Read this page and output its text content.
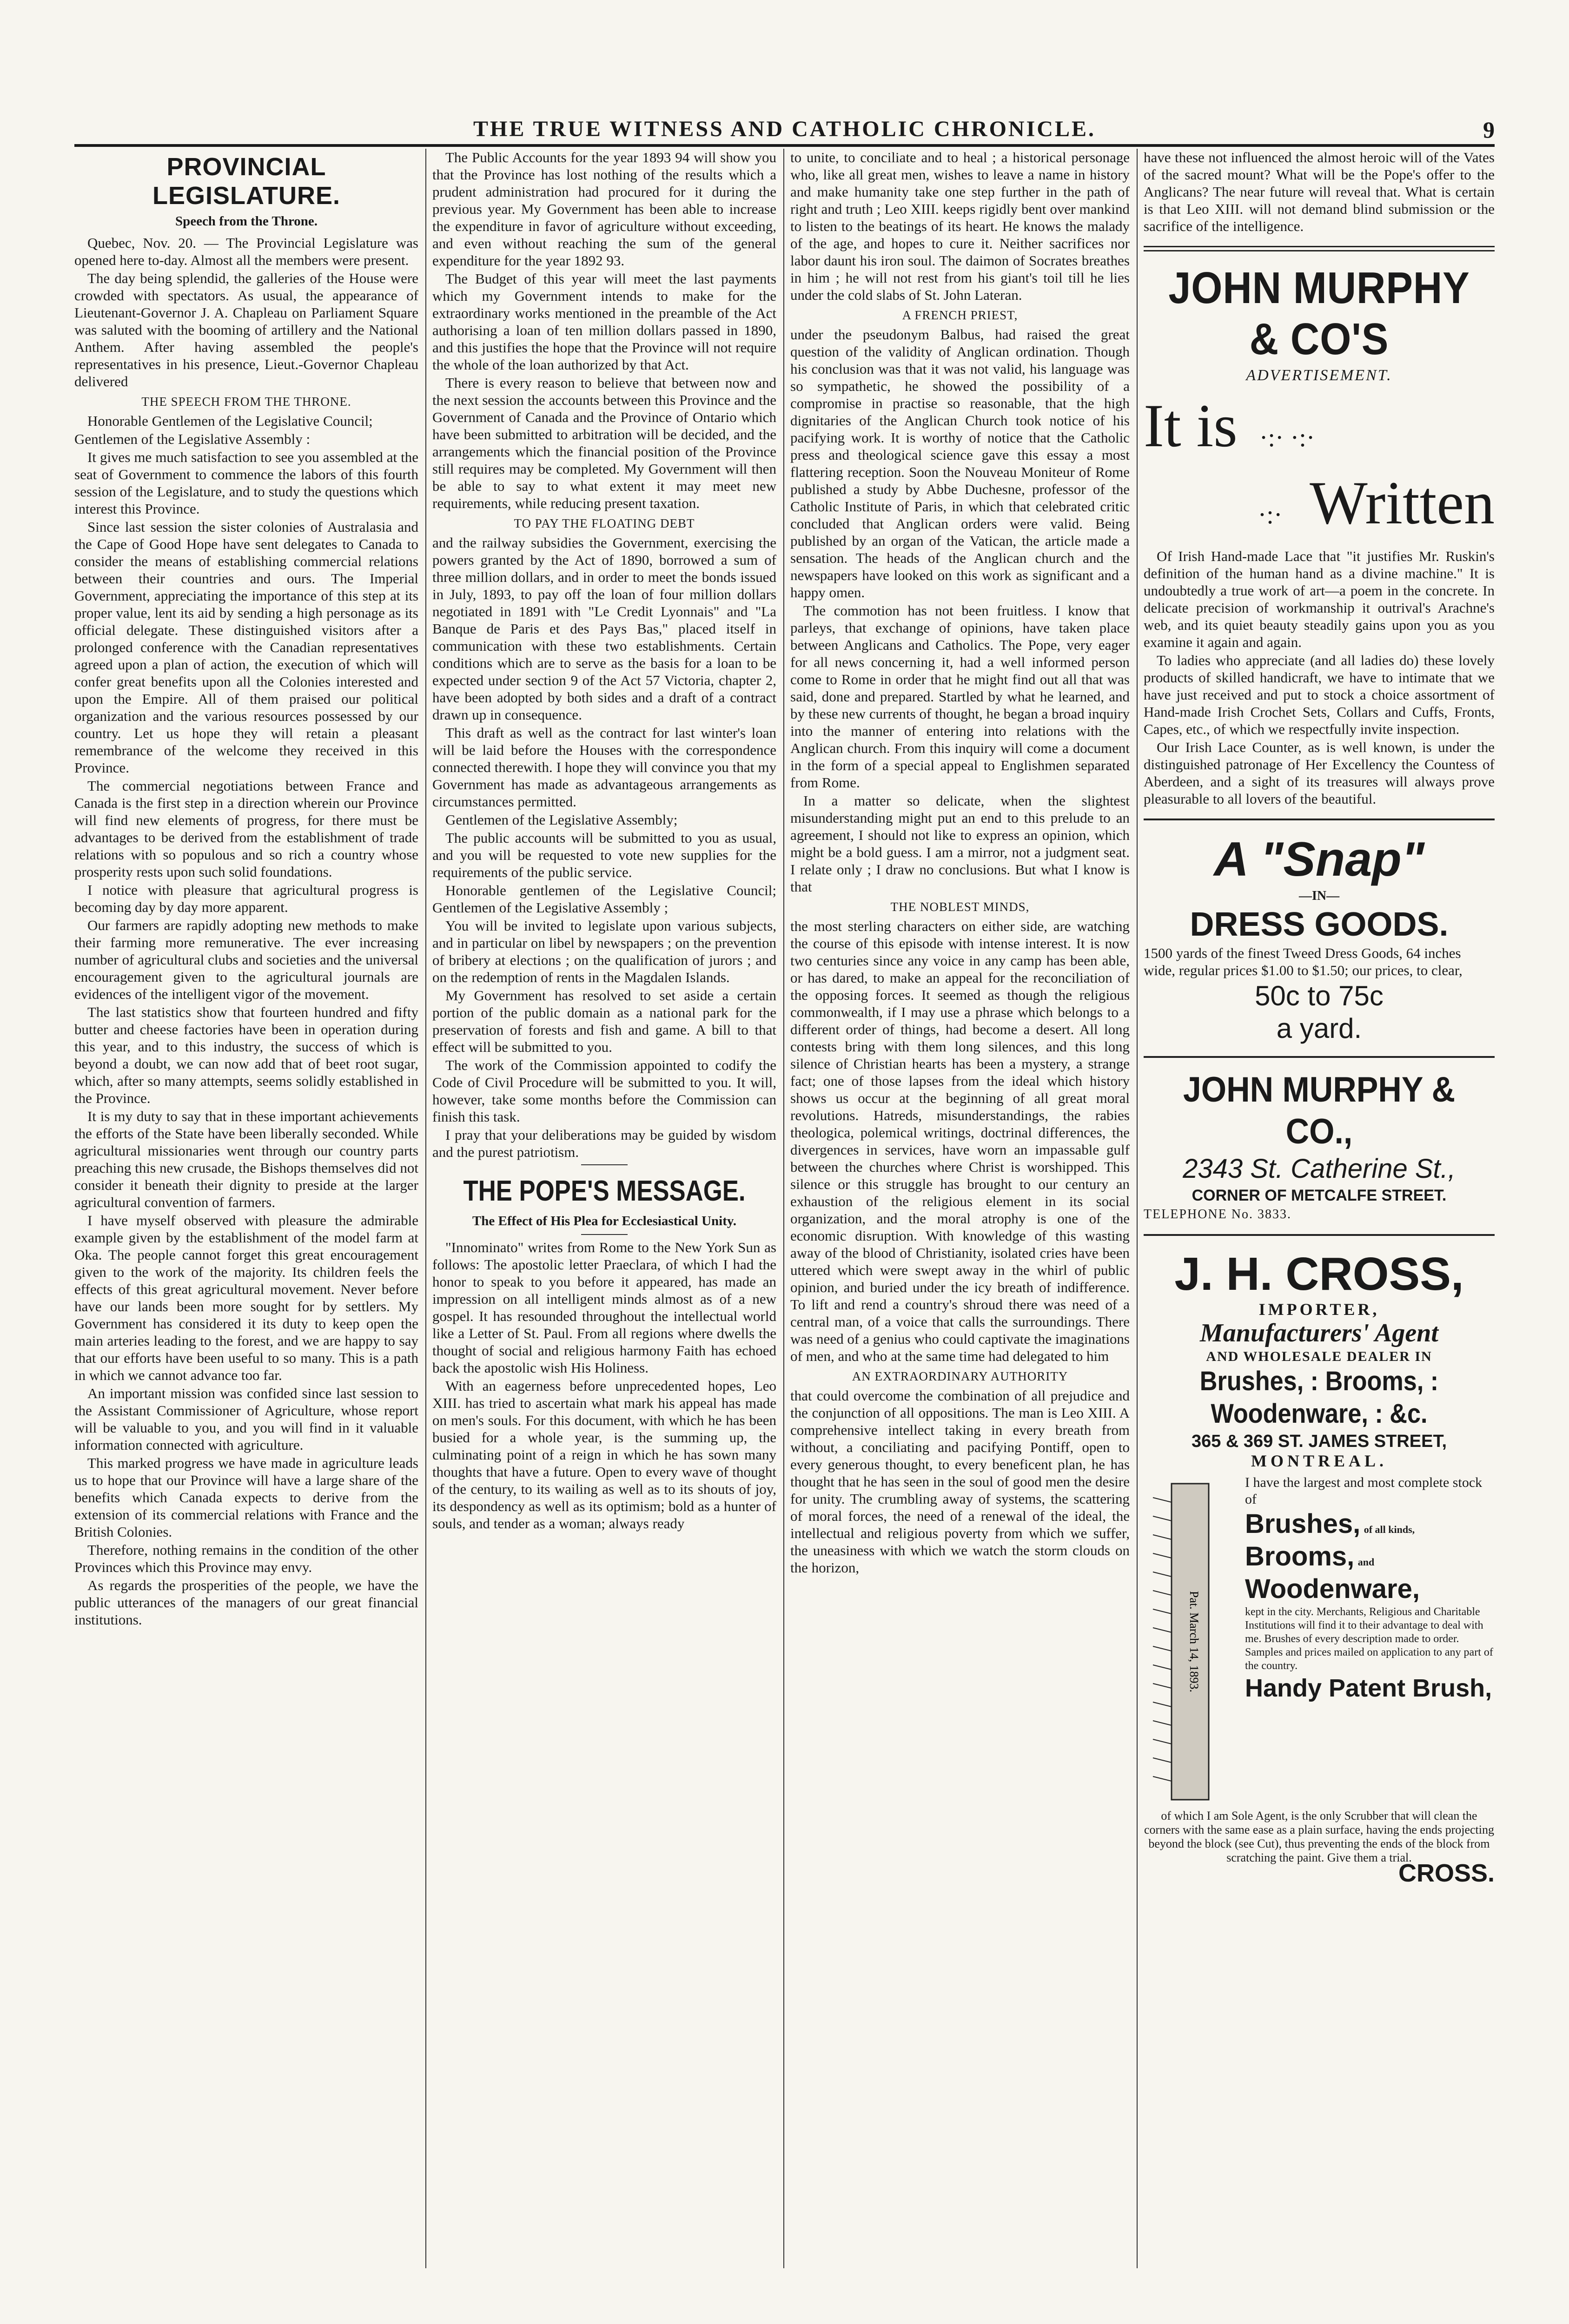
THE TRUE WITNESS AND CATHOLIC CHRONICLE.	9
PROVINCIAL LEGISLATURE.
Speech from the Throne.

Quebec, Nov. 20. — The Provincial Legislature was opened here to-day. Almost all the members were present.

The day being splendid, the galleries of the House were crowded with spectators. As usual, the appearance of Lieutenant-Governor J. A. Chapleau on Parliament Square was saluted with the booming of artillery and the National Anthem. After having assembled the people's representatives in his presence, Lieut.-Governor Chapleau delivered

THE SPEECH FROM THE THRONE.

Honorable Gentlemen of the Legislative Council;

Gentlemen of the Legislative Assembly :

It gives me much satisfaction to see you assembled at the seat of Government to commence the labors of this fourth session of the Legislature, and to study the questions which interest this Province.

Since last session the sister colonies of Australasia and the Cape of Good Hope have sent delegates to Canada to consider the means of establishing commercial relations between their countries and ours. The Imperial Government, appreciating the importance of this step at its proper value, lent its aid by sending a high personage as its official delegate. These distinguished visitors after a prolonged conference with the Canadian representatives agreed upon a plan of action, the execution of which will confer great benefits upon all the Colonies interested and upon the Empire. All of them praised our political organization and the various resources possessed by our country. Let us hope they will retain a pleasant remembrance of the welcome they received in this Province.

The commercial negotiations between France and Canada is the first step in a direction wherein our Province will find new elements of progress, for there must be advantages to be derived from the establishment of trade relations with so populous and so rich a country whose prosperity rests upon such solid foundations.

I notice with pleasure that agricultural progress is becoming day by day more apparent.

Our farmers are rapidly adopting new methods to make their farming more remunerative. The ever increasing number of agricultural clubs and societies and the universal encouragement given to the agricultural journals are evidences of the intelligent vigor of the movement.

The last statistics show that fourteen hundred and fifty butter and cheese factories have been in operation during this year, and to this industry, the success of which is beyond a doubt, we can now add that of beet root sugar, which, after so many attempts, seems solidly established in the Province.

It is my duty to say that in these important achievements the efforts of the State have been liberally seconded. While agricultural missionaries went through our country parts preaching this new crusade, the Bishops themselves did not consider it beneath their dignity to preside at the larger agricultural convention of farmers.

I have myself observed with pleasure the admirable example given by the establishment of the model farm at Oka. The people cannot forget this great encouragement given to the work of the majority. Its children feels the effects of this great agricultural movement. Never before have our lands been more sought for by settlers. My Government has considered it its duty to keep open the main arteries leading to the forest, and we are happy to say that our efforts have been useful to so many. This is a path in which we cannot advance too far.

An important mission was confided since last session to the Assistant Commissioner of Agriculture, whose report will be valuable to you, and you will find in it valuable information connected with agriculture.

This marked progress we have made in agriculture leads us to hope that our Province will have a large share of the benefits which Canada expects to derive from the extension of its commercial relations with France and the British Colonies.

Therefore, nothing remains in the condition of the other Provinces which this Province may envy.

As regards the prosperities of the people, we have the public utterances of the managers of our great financial institutions.

The Public Accounts for the year 1893 94 will show you that the Province has lost nothing of the results which a prudent administration had procured for it during the previous year. My Government has been able to increase the expenditure in favor of agriculture without exceeding, and even without reaching the sum of the general expenditure for the year 1892 93.

The Budget of this year will meet the last payments which my Government intends to make for the extraordinary works mentioned in the preamble of the Act authorising a loan of ten million dollars passed in 1890, and this justifies the hope that the Province will not require the whole of the loan authorized by that Act.

There is every reason to believe that between now and the next session the accounts between this Province and the Government of Canada and the Province of Ontario which have been submitted to arbitration will be decided, and the arrangements which the financial position of the Province still requires may be completed. My Government will then be able to say to what extent it may meet new requirements, while reducing present taxation.

TO PAY THE FLOATING DEBT

and the railway subsidies the Government, exercising the powers granted by the Act of 1890, borrowed a sum of three million dollars, and in order to meet the bonds issued in July, 1893, to pay off the loan of four million dollars negotiated in 1891 with "Le Credit Lyonnais" and "La Banque de Paris et des Pays Bas," placed itself in communication with these two establishments. Certain conditions which are to serve as the basis for a loan to be expected under section 9 of the Act 57 Victoria, chapter 2, have been adopted by both sides and a draft of a contract drawn up in consequence.

This draft as well as the contract for last winter's loan will be laid before the Houses with the correspondence connected therewith. I hope they will convince you that my Government has made as advantageous arrangements as circumstances permitted.

Gentlemen of the Legislative Assembly;

The public accounts will be submitted to you as usual, and you will be requested to vote new supplies for the requirements of the public service.

Honorable gentlemen of the Legislative Council; Gentlemen of the Legislative Assembly ;

You will be invited to legislate upon various subjects, and in particular on libel by newspapers ; on the prevention of bribery at elections ; on the qualification of jurors ; and on the redemption of rents in the Magdalen Islands.

My Government has resolved to set aside a certain portion of the public domain as a national park for the preservation of forests and fish and game. A bill to that effect will be submitted to you.

The work of the Commission appointed to codify the Code of Civil Procedure will be submitted to you. It will, however, take some months before the Commission can finish this task.

I pray that your deliberations may be guided by wisdom and the purest patriotism.

THE POPE'S MESSAGE.
The Effect of His Plea for Ecclesiastical Unity.

"Innominato" writes from Rome to the New York Sun as follows: The apostolic letter Praeclara, of which I had the honor to speak to you before it appeared, has made an impression on all intelligent minds almost as of a new gospel. It has resounded throughout the intellectual world like a Letter of St. Paul. From all regions where dwells the thought of social and religious harmony Faith has echoed back the apostolic wish His Holiness.

With an eagerness before unprecedented hopes, Leo XIII. has tried to ascertain what mark his appeal has made on men's souls. For this document, with which he has been busied for a whole year, is the summing up, the culminating point of a reign in which he has sown many thoughts that have a future. Open to every wave of thought of the century, to its wailing as well as to its shouts of joy, its despondency as well as its optimism; bold as a hunter of souls, and tender as a woman; always ready

to unite, to conciliate and to heal ; a historical personage who, like all great men, wishes to leave a name in history and make humanity take one step further in the path of right and truth ; Leo XIII. keeps rigidly bent over mankind to listen to the beatings of its heart. He knows the malady of the age, and hopes to cure it. Neither sacrifices nor labor daunt his iron soul. The daimon of Socrates breathes in him ; he will not rest from his giant's toil till he lies under the cold slabs of St. John Lateran.

A FRENCH PRIEST,

under the pseudonym Balbus, had raised the great question of the validity of Anglican ordination. Though his conclusion was that it was not valid, his language was so sympathetic, he showed the possibility of a compromise in practise so reasonable, that the high dignitaries of the Anglican Church took notice of his pacifying work. It is worthy of notice that the Catholic press and theological science gave this essay a most flattering reception. Soon the Nouveau Moniteur of Rome published a study by Abbe Duchesne, professor of the Catholic Institute of Paris, in which that celebrated critic concluded that Anglican orders were valid. Being published by an organ of the Vatican, the article made a sensation. The heads of the Anglican church and the newspapers have looked on this work as significant and a happy omen.

The commotion has not been fruitless. I know that parleys, that exchange of opinions, have taken place between Anglicans and Catholics. The Pope, very eager for all news concerning it, had a well informed person come to Rome in order that he might find out all that was said, done and prepared. Startled by what he learned, and by these new currents of thought, he began a broad inquiry into the manner of entering into relations with the Anglican church. From this inquiry will come a document in the form of a special appeal to Englishmen separated from Rome.

In a matter so delicate, when the slightest misunderstanding might put an end to this prelude to an agreement, I should not like to express an opinion, which might be a bold guess. I am a mirror, not a judgment seat. I relate only ; I draw no conclusions. But what I know is that

THE NOBLEST MINDS,

the most sterling characters on either side, are watching the course of this episode with intense interest. It is now two centuries since any voice in any camp has been able, or has dared, to make an appeal for the reconciliation of the opposing forces. It seemed as though the religious commonwealth, if I may use a phrase which belongs to a different order of things, had become a desert. All long contests bring with them long silences, and this long silence of Christian hearts has been a mystery, a strange fact; one of those lapses from the ideal which history shows us occur at the beginning of all great moral revolutions. Hatreds, misunderstandings, the rabies theologica, polemical writings, doctrinal differences, the divergences in services, have worn an impassable gulf between the churches where Christ is worshipped. This silence or this struggle has brought to our century an exhaustion of the religious element in its social organization, and the moral atrophy is one of the economic disruption. With knowledge of this wasting away of the blood of Christianity, isolated cries have been uttered which were swept away in the whirl of public opinion, and buried under the icy breath of indifference. To lift and rend a country's shroud there was need of a central man, of a voice that calls the surroundings. There was need of a genius who could captivate the imaginations of men, and who at the same time had delegated to him

AN EXTRAORDINARY AUTHORITY

that could overcome the combination of all prejudice and the conjunction of all oppositions. The man is Leo XIII. A comprehensive intellect taking in every breath from without, a conciliating and pacifying Pontiff, open to every generous thought, to every beneficent plan, he has thought that he has seen in the soul of good men the desire for unity. The crumbling away of systems, the scattering of moral forces, the need of a renewal of the ideal, the intellectual and religious poverty from which we suffer, the uneasiness with which we watch the storm clouds on the horizon,

have these not influenced the almost heroic will of the Vates of the sacred mount? What will be the Pope's offer to the Anglicans? The near future will reveal that. What is certain is that Leo XIII. will not demand blind submission or the sacrifice of the intelligence.

JOHN MURPHY & CO'S
ADVERTISEMENT.
It is  ·:· ·:·
·:·   Written

Of Irish Hand-made Lace that "it justifies Mr. Ruskin's definition of the human hand as a divine machine." It is undoubtedly a true work of art—a poem in the concrete. In delicate precision of workmanship it outrival's Arachne's web, and its quiet beauty steadily gains upon you as you examine it again and again.

To ladies who appreciate (and all ladies do) these lovely products of skilled handicraft, we have to intimate that we have just received and put to stock a choice assortment of Hand-made Irish Crochet Sets, Collars and Cuffs, Fronts, Capes, etc., of which we respectfully invite inspection.

Our Irish Lace Counter, as is well known, is under the distinguished patronage of Her Excellency the Countess of Aberdeen, and a sight of its treasures will always prove pleasurable to all lovers of the beautiful.

A "Snap"
—IN—
DRESS GOODS.

1500 yards of the finest Tweed Dress Goods, 64 inches wide, regular prices $1.00 to $1.50; our prices, to clear,

50c to 75c
a yard.
JOHN MURPHY & CO.,
2343 St. Catherine St.,
CORNER OF METCALFE STREET.
TELEPHONE No. 3833.
J. H. CROSS,
IMPORTER,
Manufacturers' Agent
AND WHOLESALE DEALER IN
Brushes, : Brooms, : Woodenware, : &c.
365 & 369 ST. JAMES STREET,
MONTREAL.
Pat. March 14, 1893.
I have the largest and most complete stock of
Brushes, of all kinds,
Brooms, and
Woodenware,
kept in the city. Merchants, Religious and Charitable Institutions will find it to their advantage to deal with me. Brushes of every description made to order. Samples and prices mailed on application to any part of the country.
Handy Patent Brush,
of which I am Sole Agent, is the only Scrubber that will clean the corners with the same ease as a plain surface, having the ends projecting beyond the block (see Cut), thus preventing the ends of the block from scratching the paint. Give them a trial.
CROSS.
